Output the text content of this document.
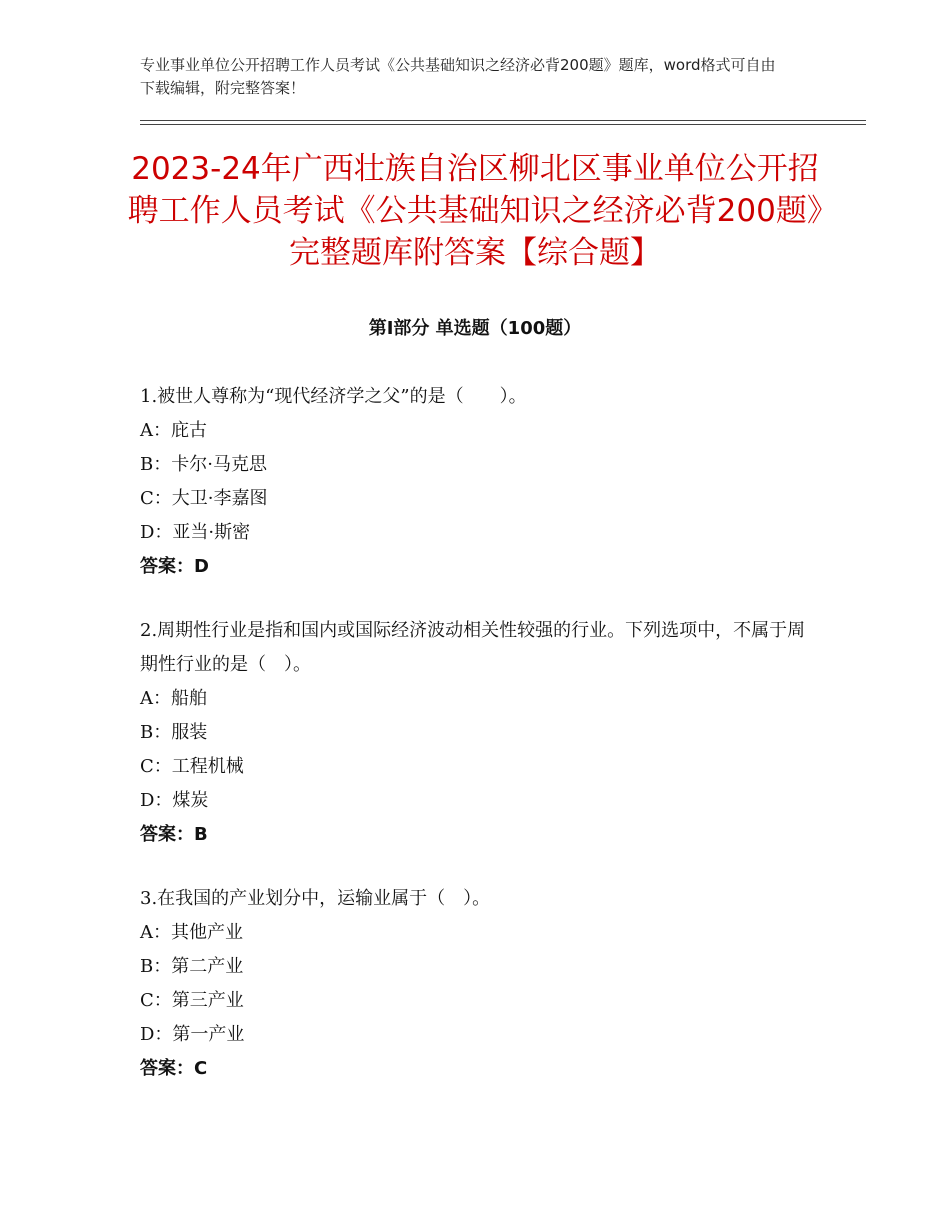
专业事业单位公开招聘工作人员考试《公共基础知识之经济必背200题》题库，word格式可自由下载编辑，附完整答案！
2023-24年广西壮族自治区柳北区事业单位公开招聘工作人员考试《公共基础知识之经济必背200题》完整题库附答案【综合题】
第Ⅰ部分 单选题（100题）
1.被世人尊称为“现代经济学之父”的是（　　）。
A：庇古
B：卡尔·马克思
C：大卫·李嘉图
D：亚当·斯密
答案：D
2.周期性行业是指和国内或国际经济波动相关性较强的行业。下列选项中，不属于周期性行业的是（　）。
A：船舶
B：服装
C：工程机械
D：煤炭
答案：B
3.在我国的产业划分中，运输业属于（　）。
A：其他产业
B：第二产业
C：第三产业
D：第一产业
答案：C
